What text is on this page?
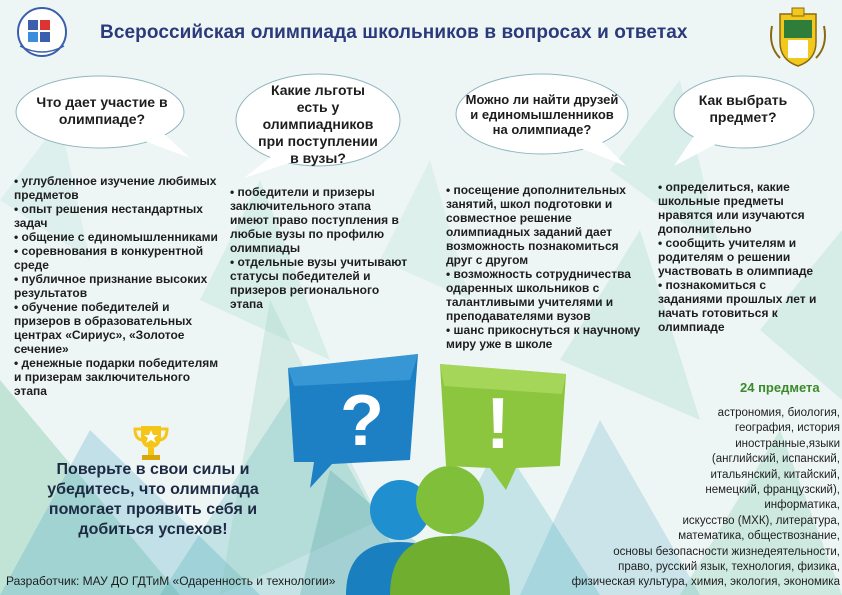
Всероссийская олимпиада школьников в вопросах и ответах
Что дает участие в олимпиаде?
Какие льготы есть у олимпиадников при поступлении в вузы?
Можно ли найти друзей и единомышленников на олимпиаде?
Как выбрать предмет?
• углубленное изучение любимых
предметов
• опыт решения нестандартных
задач
• общение с единомышленниками
• соревнования в конкурентной
среде
• публичное признание высоких
результатов
• обучение победителей и
призеров в образовательных
центрах «Сириус», «Золотое
сечение»
• денежные подарки победителям
и призерам заключительного
этапа
• победители и призеры
заключительного этапа
имеют право поступления в
любые вузы по профилю
олимпиады
• отдельные вузы учитывают
статусы победителей и
призеров регионального
этапа
• посещение дополнительных
занятий, школ подготовки и
совместное решение
олимпиадных заданий дает
возможность познакомиться
друг с другом
• возможность сотрудничества
одаренных школьников с
талантливыми учителями и
преподавателями вузов
• шанс прикоснуться к научному
миру уже в школе
• определиться, какие
школьные предметы
нравятся или изучаются
дополнительно
• сообщить учителям и
родителям о решении
участвовать в олимпиаде
• познакомиться с
заданиями прошлых лет и
начать готовиться к
олимпиаде
? !
Поверьте в свои силы и убедитесь, что олимпиада помогает проявить себя и добиться успехов!
24 предмета
астрономия, биология,
география, история
иностранные,языки
(английский, испанский,
итальянский, китайский,
немецкий, французский),
информатика,
искусство (МХК), литература,
математика, обществознание,
основы безопасности жизнедеятельности,
право, русский язык, технология, физика,
физическая культура, химия, экология, экономика
Разработчик: МАУ ДО ГДТиМ «Одаренность и технологии»
